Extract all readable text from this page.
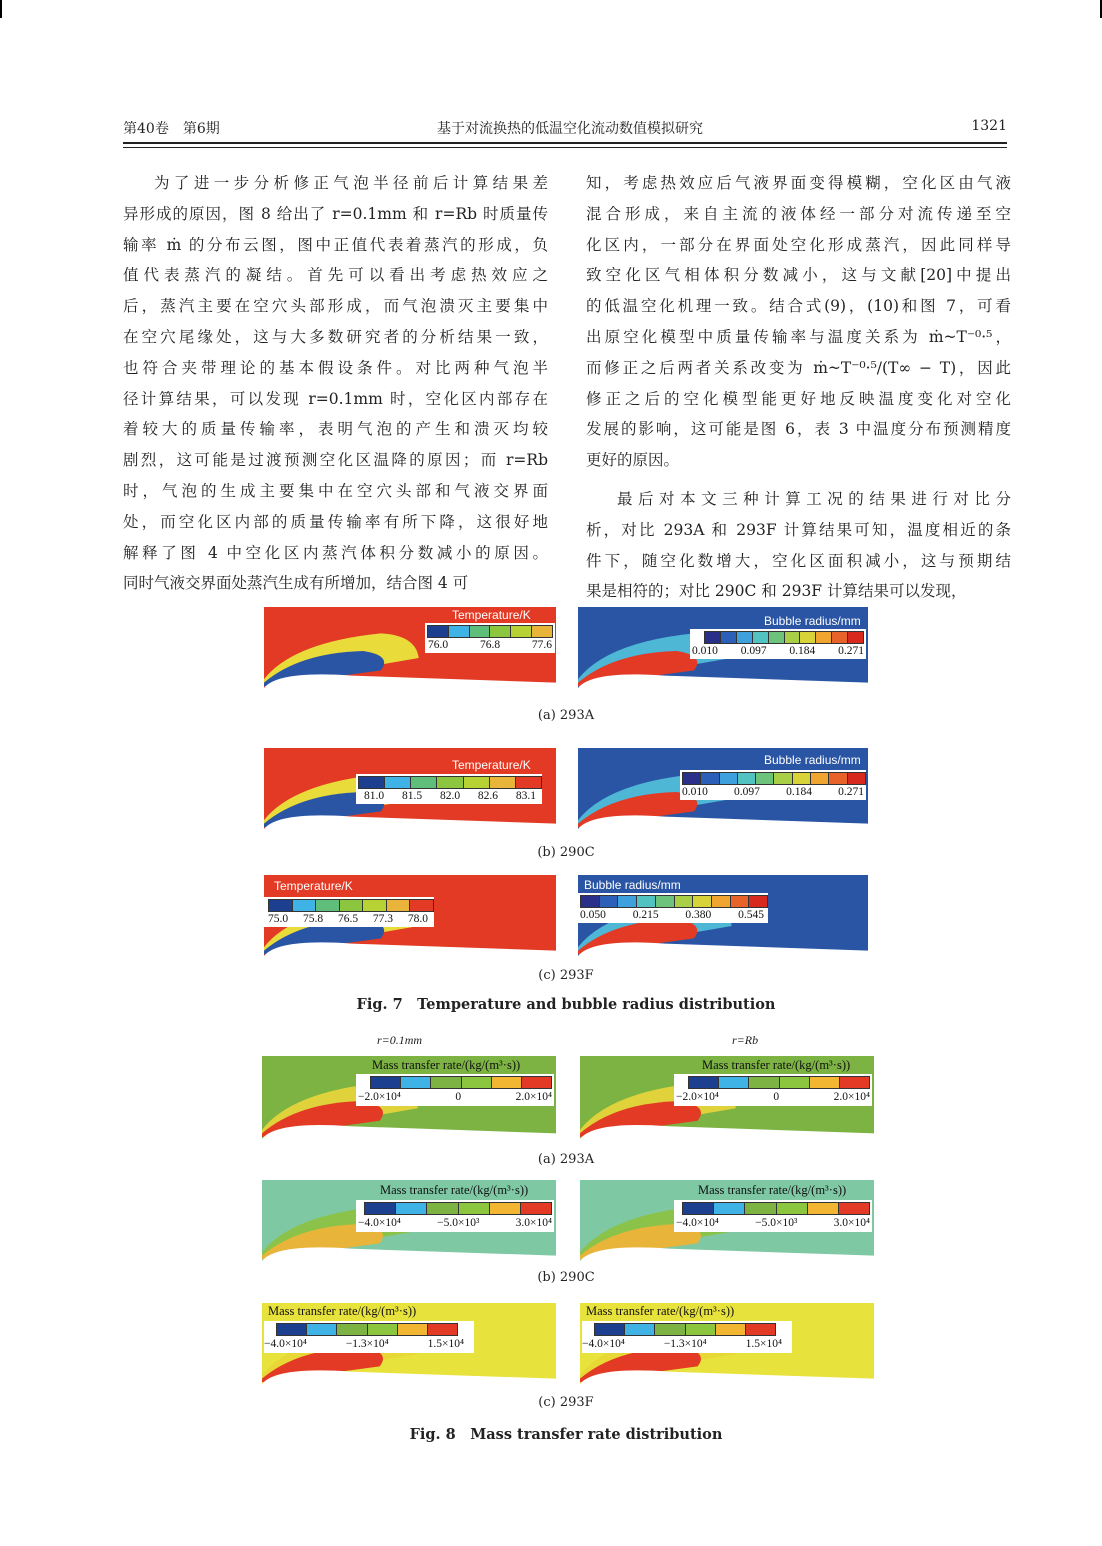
第40卷　第6期	基于对流换热的低温空化流动数值模拟研究	1321
为了进一步分析修正气泡半径前后计算结果差
异形成的原因，图 8 给出了 r=0.1mm 和 r=Rb 时质量传
输率 ṁ 的分布云图，图中正值代表着蒸汽的形成，负
值代表蒸汽的凝结。首先可以看出考虑热效应之
后，蒸汽主要在空穴头部形成，而气泡溃灭主要集中
在空穴尾缘处，这与大多数研究者的分析结果一致，
也符合夹带理论的基本假设条件。对比两种气泡半
径计算结果，可以发现 r=0.1mm 时，空化区内部存在
着较大的质量传输率，表明气泡的产生和溃灭均较
剧烈，这可能是过渡预测空化区温降的原因；而 r=Rb
时，气泡的生成主要集中在空穴头部和气液交界面
处，而空化区内部的质量传输率有所下降，这很好地
解释了图 4 中空化区内蒸汽体积分数减小的原因。
同时气液交界面处蒸汽生成有所增加，结合图 4 可
知，考虑热效应后气液界面变得模糊，空化区由气液
混合形成，来自主流的液体经一部分对流传递至空
化区内，一部分在界面处空化形成蒸汽，因此同样导
致空化区气相体积分数减小，这与文献[20]中提出
的低温空化机理一致。结合式(9)，(10)和图 7，可看
出原空化模型中质量传输率与温度关系为 ṁ~T⁻⁰·⁵，
而修正之后两者关系改变为 ṁ~T⁻⁰·⁵/(T∞ − T)，因此
修正之后的空化模型能更好地反映温度变化对空化
发展的影响，这可能是图 6，表 3 中温度分布预测精度
更好的原因。
最后对本文三种计算工况的结果进行对比分
析，对比 293A 和 293F 计算结果可知，温度相近的条
件下，随空化数增大，空化区面积减小，这与预期结
果是相符的；对比 290C 和 293F 计算结果可以发现，
Temperature/K
76.0	76.8	77.6
Bubble radius/mm
0.010 0.097 0.184 0.271
(a) 293A
Temperature/K
81.0 81.5 82.0 82.6 83.1
Bubble radius/mm
0.010 0.097 0.184 0.271
(b) 290C
Temperature/K
75.0 75.8 76.5 77.3 78.0
Bubble radius/mm
0.050 0.215 0.380 0.545
(c) 293F
Fig. 7　Temperature and bubble radius distribution
r=0.1mm	r=Rb
Mass transfer rate/(kg/(m³·s))
−2.0×10⁴	0	2.0×10⁴
Mass transfer rate/(kg/(m³·s))
−2.0×10⁴	0	2.0×10⁴
(a) 293A
Mass transfer rate/(kg/(m³·s))
−4.0×10⁴	−5.0×10³	3.0×10⁴
Mass transfer rate/(kg/(m³·s))
−4.0×10⁴	−5.0×10³	3.0×10⁴
(b) 290C
Mass transfer rate/(kg/(m³·s))
−4.0×10⁴	−1.3×10⁴	1.5×10⁴
Mass transfer rate/(kg/(m³·s))
−4.0×10⁴	−1.3×10⁴	1.5×10⁴
(c) 293F
Fig. 8　Mass transfer rate distribution
